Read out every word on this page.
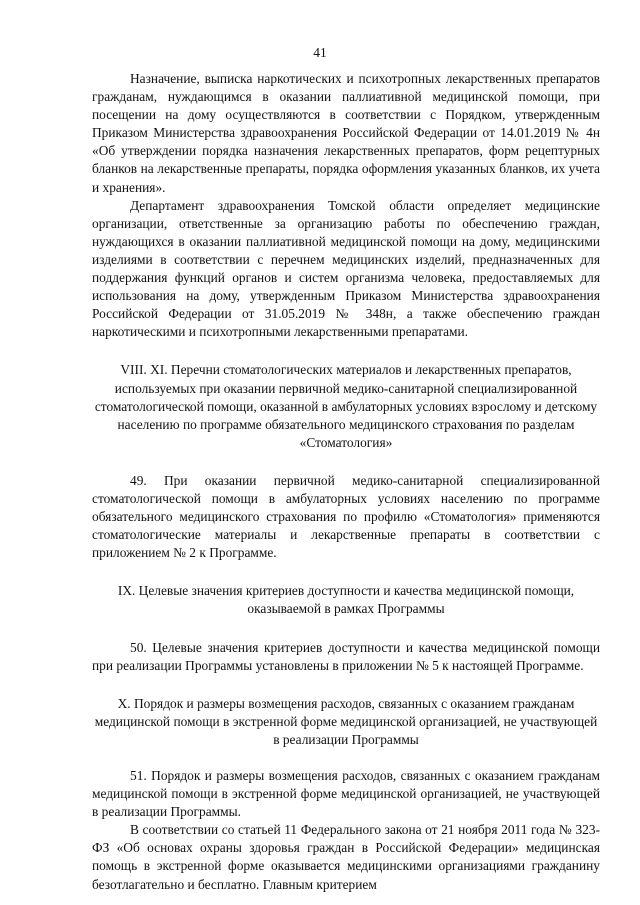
41

Назначение, выписка наркотических и психотропных лекарственных препаратов гражданам, нуждающимся в оказании паллиативной медицинской помощи, при посещении на дому осуществляются в соответствии с Порядком, утвержденным Приказом Министерства здравоохранения Российской Федерации от 14.01.2019 № 4н «Об утверждении порядка назначения лекарственных препаратов, форм рецептурных бланков на лекарственные препараты, порядка оформления указанных бланков, их учета и хранения».

Департамент здравоохранения Томской области определяет медицинские организации, ответственные за организацию работы по обеспечению граждан, нуждающихся в оказании паллиативной медицинской помощи на дому, медицинскими изделиями в соответствии с перечнем медицинских изделий, предназначенных для поддержания функций органов и систем организма человека, предоставляемых для использования на дому, утвержденным Приказом Министерства здравоохранения Российской Федерации от 31.05.2019 № 348н, а также обеспечению граждан наркотическими и психотропными лекарственными препаратами.

VIII. XI. Перечни стоматологических материалов и лекарственных препаратов, используемых при оказании первичной медико-санитарной специализированной стоматологической помощи, оказанной в амбулаторных условиях взрослому и детскому населению по программе обязательного медицинского страхования по разделам «Стоматология»

49. При оказании первичной медико-санитарной специализированной стоматологической помощи в амбулаторных условиях населению по программе обязательного медицинского страхования по профилю «Стоматология» применяются стоматологические материалы и лекарственные препараты в соответствии с приложением № 2 к Программе.

IX. Целевые значения критериев доступности и качества медицинской помощи, оказываемой в рамках Программы

50. Целевые значения критериев доступности и качества медицинской помощи при реализации Программы установлены в приложении № 5 к настоящей Программе.

X. Порядок и размеры возмещения расходов, связанных с оказанием гражданам медицинской помощи в экстренной форме медицинской организацией, не участвующей в реализации Программы

51. Порядок и размеры возмещения расходов, связанных с оказанием гражданам медицинской помощи в экстренной форме медицинской организацией, не участвующей в реализации Программы.

В соответствии со статьей 11 Федерального закона от 21 ноября 2011 года № 323-ФЗ «Об основах охраны здоровья граждан в Российской Федерации» медицинская помощь в экстренной форме оказывается медицинскими организациями гражданину безотлагательно и бесплатно. Главным критерием
